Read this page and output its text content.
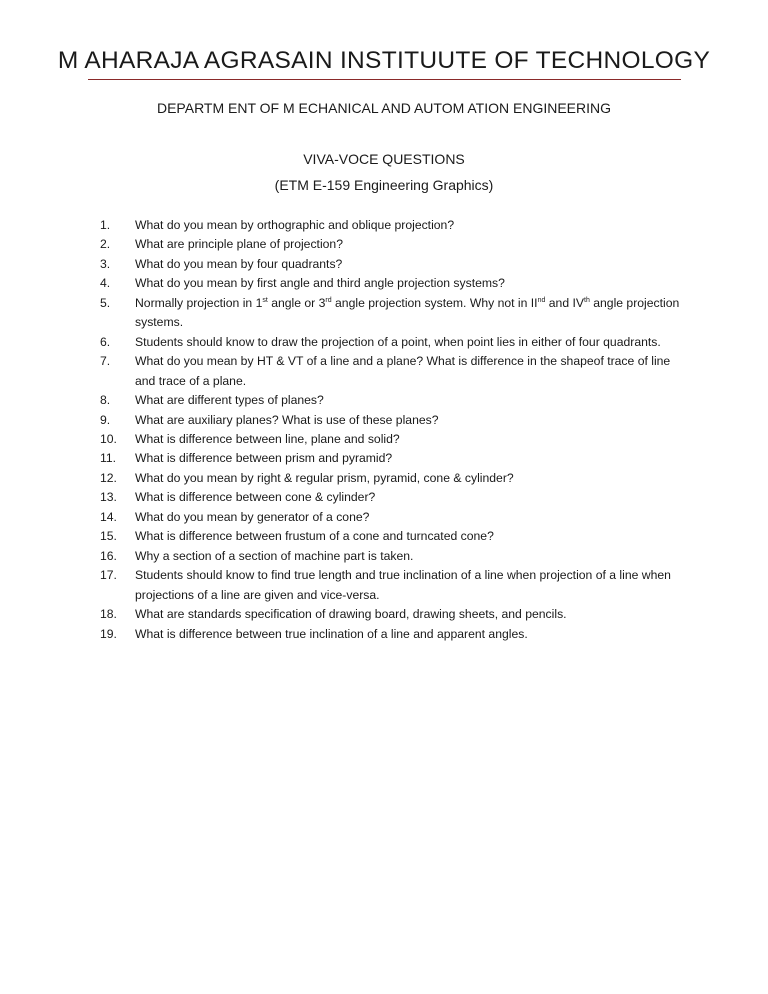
M AHARAJA AGRASAIN INSTITUUTE OF TECHNOLOGY
DEPARTM ENT OF M ECHANICAL AND AUTOM ATION ENGINEERING
VIVA-VOCE QUESTIONS
(ETM E-159 Engineering Graphics)
1.	What do you mean by orthographic and oblique projection?
2.	What are principle plane of projection?
3.	What do you mean by four quadrants?
4.	What do you mean by first angle and third angle projection systems?
5.	Normally projection in 1st angle or 3rd angle projection system. Why not in IInd and IVth angle projection systems.
6.	Students should know to draw the projection of a point, when point lies in either of four quadrants.
7.	What do you mean by HT & VT of a line and a plane? What is difference in the shapeof trace of line and trace of a plane.
8.	What are different types of planes?
9.	What are auxiliary planes? What is use of these planes?
10.	What is difference between line, plane and solid?
11.	What is difference between prism and pyramid?
12.	What do you mean by right & regular prism, pyramid, cone & cylinder?
13.	What is difference between cone & cylinder?
14.	What do you mean by generator of a cone?
15.	What is difference between frustum of a cone and turncated cone?
16.	Why a section of a section of machine part is taken.
17.	Students should know to find true length and true inclination of a line when projection of a line when projections of a line are given and vice-versa.
18.	What are standards specification of drawing board, drawing sheets, and pencils.
19.	What is difference between true inclination of a line and apparent angles.
